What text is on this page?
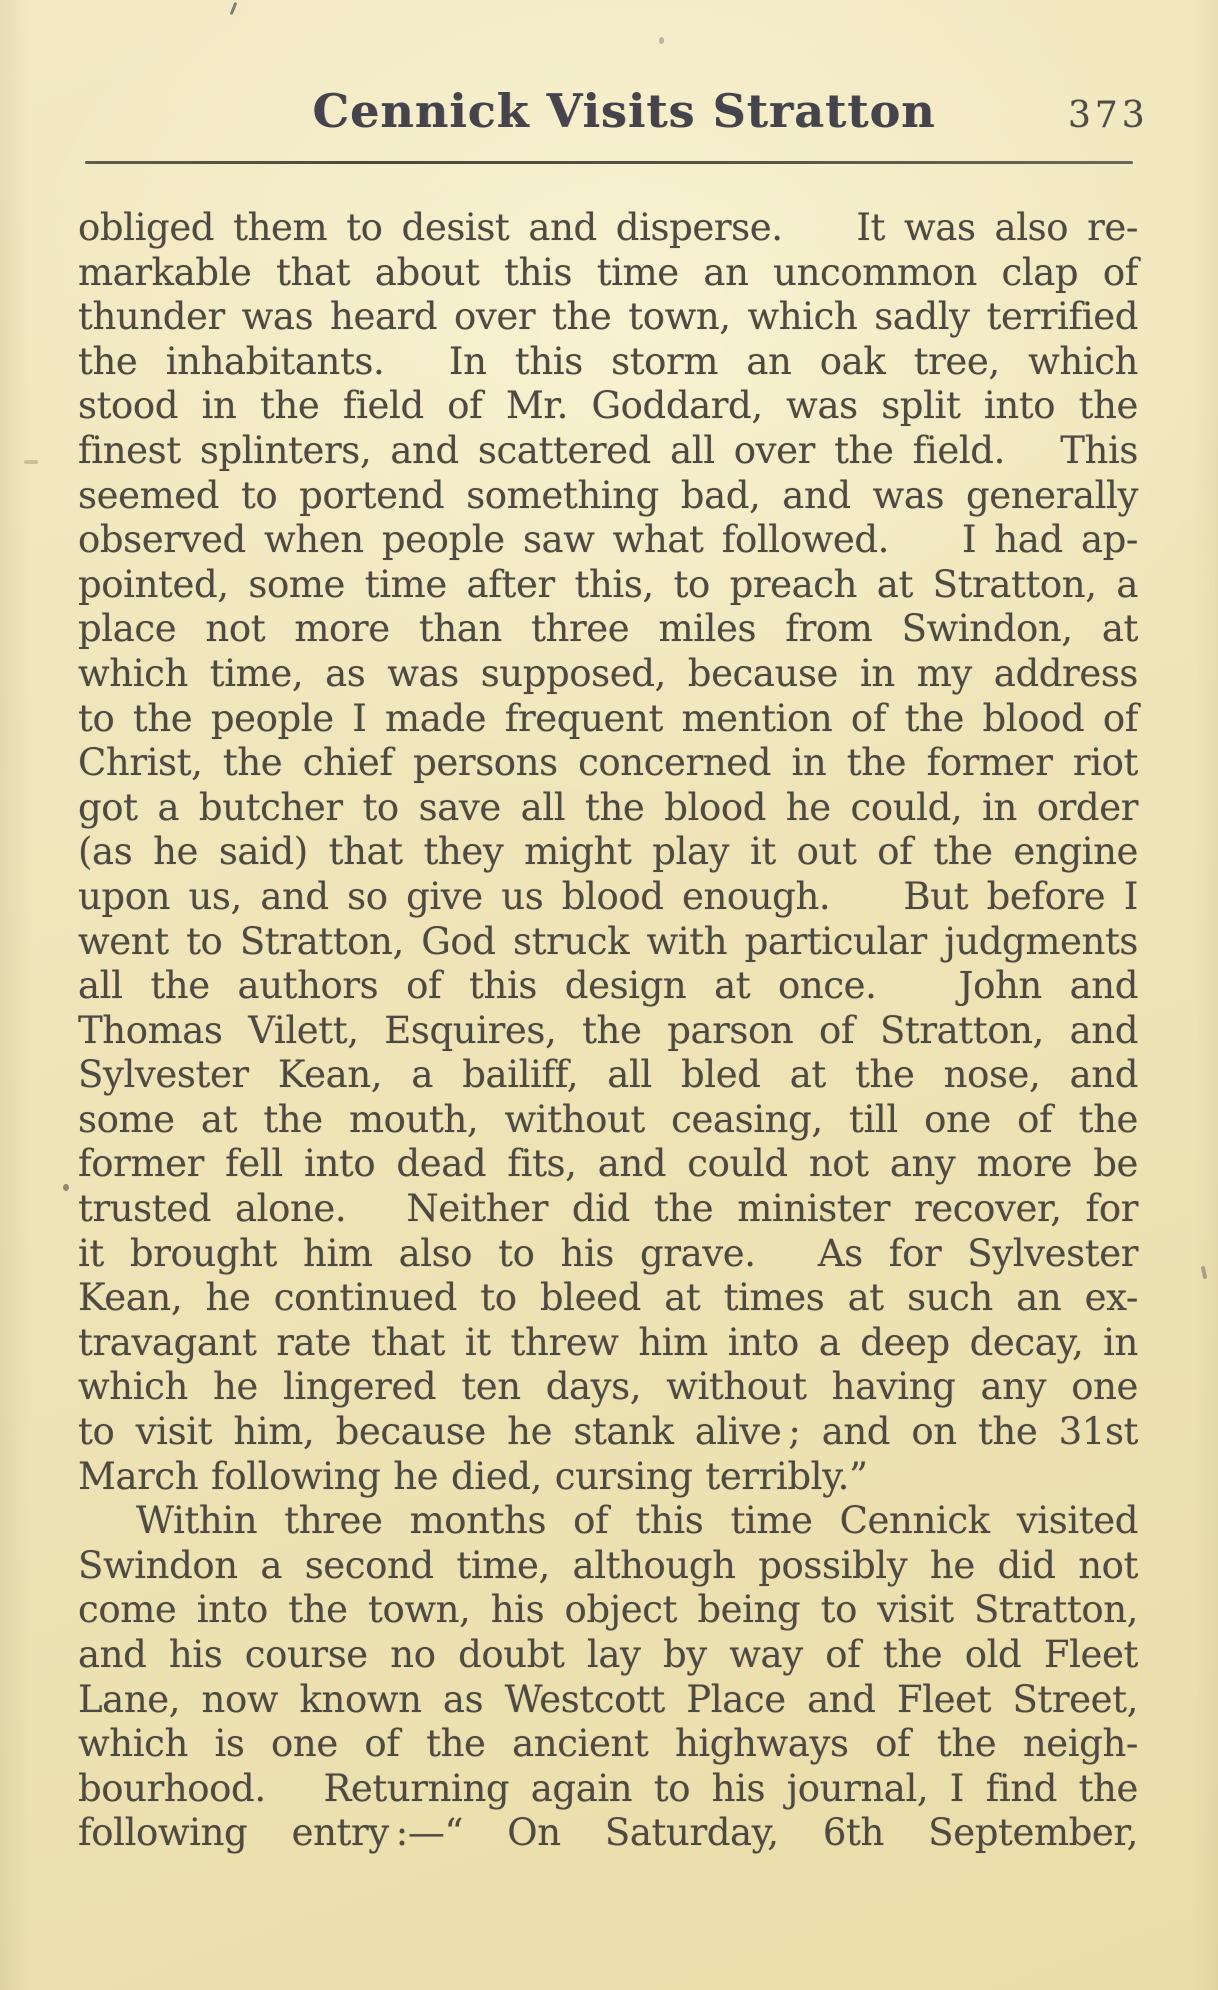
Cennick Visits Stratton	373
obliged them to desist and disperse.   It was also re-
markable that about this time an uncommon clap of
thunder was heard over the town, which sadly terrified
the inhabitants.   In this storm an oak tree, which
stood in the field of Mr. Goddard, was split into the
finest splinters, and scattered all over the field.   This
seemed to portend something bad, and was generally
observed when people saw what followed.   I had ap-
pointed, some time after this, to preach at Stratton, a
place not more than three miles from Swindon, at
which time, as was supposed, because in my address
to the people I made frequent mention of the blood of
Christ, the chief persons concerned in the former riot
got a butcher to save all the blood he could, in order
(as he said) that they might play it out of the engine
upon us, and so give us blood enough.   But before I
went to Stratton, God struck with particular judgments
all the authors of this design at once.    John and
Thomas Vilett, Esquires, the parson of Stratton, and
Sylvester Kean, a bailiff, all bled at the nose, and
some at the mouth, without ceasing, till one of the
former fell into dead fits, and could not any more be
trusted alone.   Neither did the minister recover, for
it brought him also to his grave.   As for Sylvester
Kean, he continued to bleed at times at such an ex-
travagant rate that it threw him into a deep decay, in
which he lingered ten days, without having any one
to visit him, because he stank alive ; and on the 31st
March following he died, cursing terribly.”
Within three months of this time Cennick visited
Swindon a second time, although possibly he did not
come into the town, his object being to visit Stratton,
and his course no doubt lay by way of the old Fleet
Lane, now known as Westcott Place and Fleet Street,
which is one of the ancient highways of the neigh-
bourhood.   Returning again to his journal, I find the
following entry :—“ On Saturday, 6th September,
